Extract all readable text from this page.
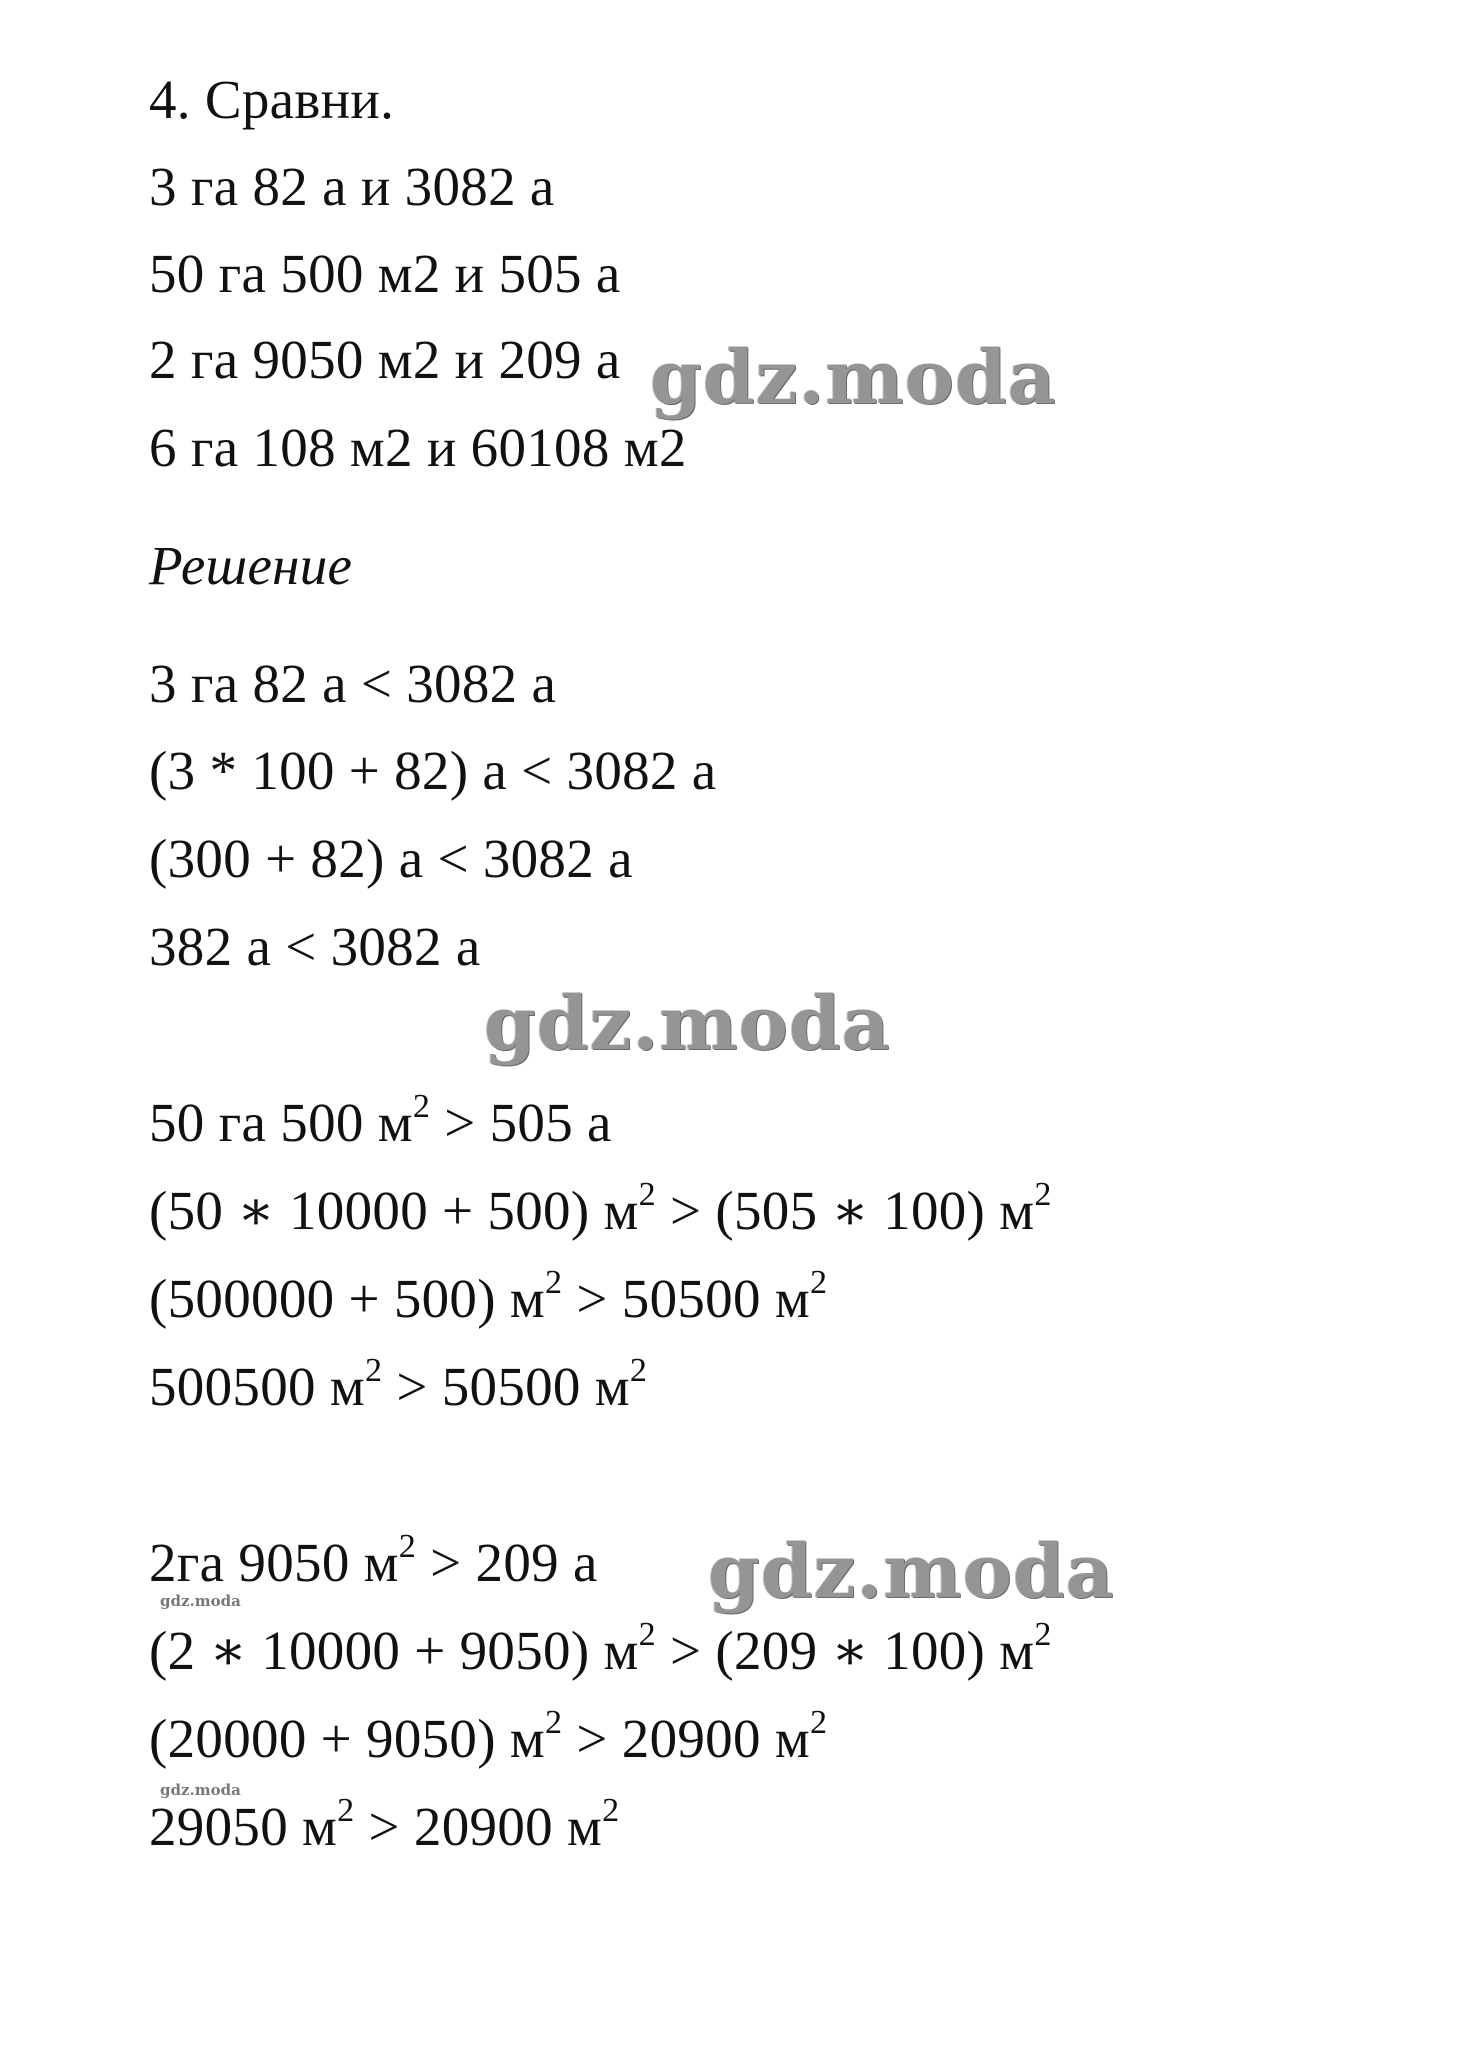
4. Сравни.
3 га 82 а и 3082 а
50 га 500 м2 и 505 а
2 га 9050 м2 и 209 а
6 га 108 м2 и 60108 м2
Решение
3 га 82 а < 3082 а
(3 * 100 + 82) а < 3082 а
(300 + 82) а < 3082 а
382 а < 3082 а
50 га 500 $м^2 > 505$ а
(50 ∗ 10000 + 500) $м^2 > (505$ ∗ 100) $м^2$
(500000 + 500) $м^2 > 50500$ $м^2$
500500 $м^2 > 50500$ $м^2$
2га 9050 $м^2 > 209$ а
(2 ∗ 10000 + 9050) $м^2 > (209$ ∗ 100) $м^2$
(20000 + 9050) $м^2 > 20900$ $м^2$
29050 $м^2 > 20900$ $м^2$
gdz.moda
gdz.moda
gdz.moda
gdz.moda
gdz.moda
